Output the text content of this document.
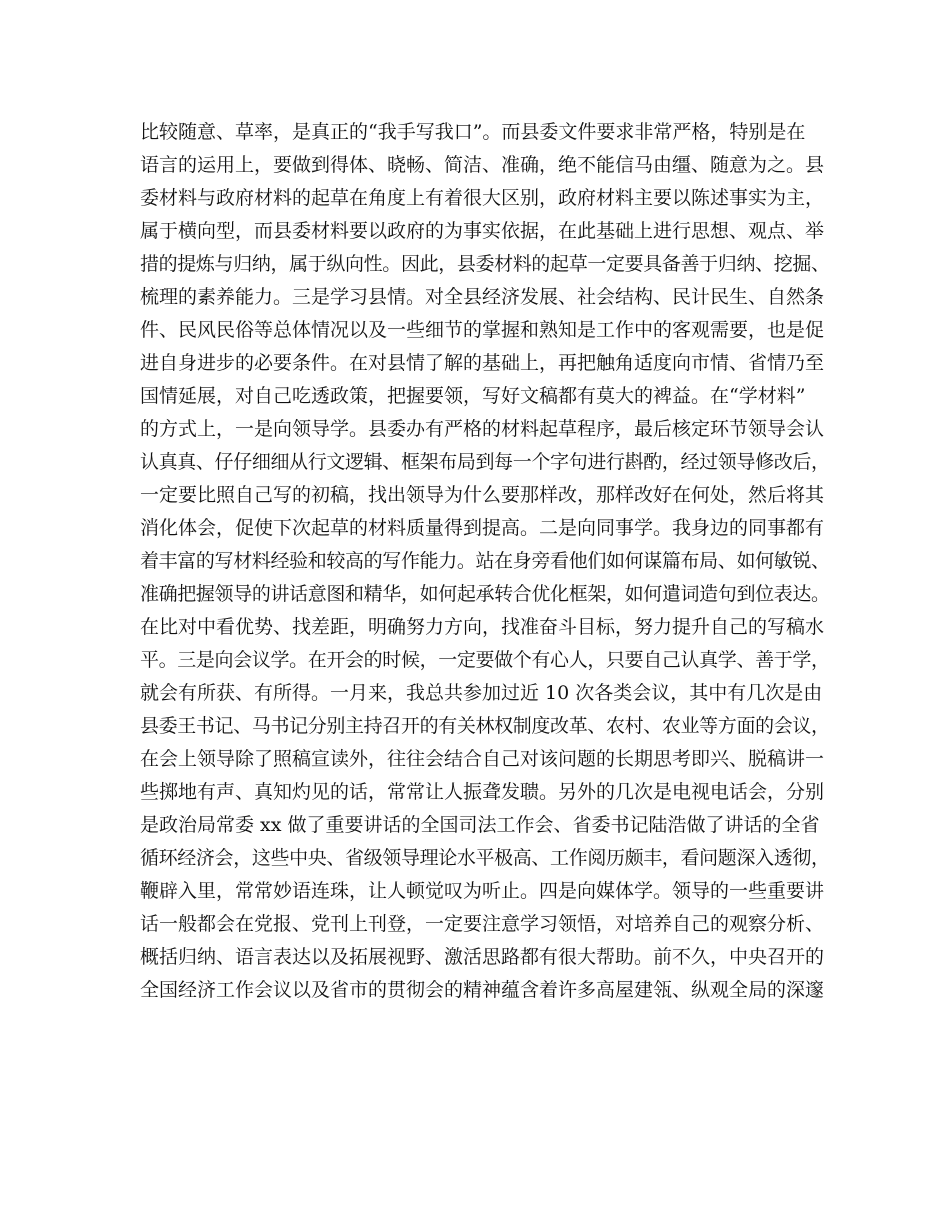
比较随意、草率，是真正的“我手写我口”。而县委文件要求非常严格，特别是在
语言的运用上，要做到得体、晓畅、简洁、准确，绝不能信马由缰、随意为之。县
委材料与政府材料的起草在角度上有着很大区别，政府材料主要以陈述事实为主，
属于横向型，而县委材料要以政府的为事实依据，在此基础上进行思想、观点、举
措的提炼与归纳，属于纵向性。因此，县委材料的起草一定要具备善于归纳、挖掘、
梳理的素养能力。三是学习县情。对全县经济发展、社会结构、民计民生、自然条
件、民风民俗等总体情况以及一些细节的掌握和熟知是工作中的客观需要，也是促
进自身进步的必要条件。在对县情了解的基础上，再把触角适度向市情、省情乃至
国情延展，对自己吃透政策，把握要领，写好文稿都有莫大的裨益。在“学材料”
的方式上，一是向领导学。县委办有严格的材料起草程序，最后核定环节领导会认
认真真、仔仔细细从行文逻辑、框架布局到每一个字句进行斟酌，经过领导修改后，
一定要比照自己写的初稿，找出领导为什么要那样改，那样改好在何处，然后将其
消化体会，促使下次起草的材料质量得到提高。二是向同事学。我身边的同事都有
着丰富的写材料经验和较高的写作能力。站在身旁看他们如何谋篇布局、如何敏锐、
准确把握领导的讲话意图和精华，如何起承转合优化框架，如何遣词造句到位表达。
在比对中看优势、找差距，明确努力方向，找准奋斗目标，努力提升自己的写稿水
平。三是向会议学。在开会的时候，一定要做个有心人，只要自己认真学、善于学，
就会有所获、有所得。一月来，我总共参加过近 10 次各类会议，其中有几次是由
县委王书记、马书记分别主持召开的有关林权制度改革、农村、农业等方面的会议，
在会上领导除了照稿宣读外，往往会结合自己对该问题的长期思考即兴、脱稿讲一
些掷地有声、真知灼见的话，常常让人振聋发聩。另外的几次是电视电话会，分别
是政治局常委 xx 做了重要讲话的全国司法工作会、省委书记陆浩做了讲话的全省
循环经济会，这些中央、省级领导理论水平极高、工作阅历颇丰，看问题深入透彻，
鞭辟入里，常常妙语连珠，让人顿觉叹为听止。四是向媒体学。领导的一些重要讲
话一般都会在党报、党刊上刊登，一定要注意学习领悟，对培养自己的观察分析、
概括归纳、语言表达以及拓展视野、激活思路都有很大帮助。前不久，中央召开的
全国经济工作会议以及省市的贯彻会的精神蕴含着许多高屋建瓴、纵观全局的深邃
